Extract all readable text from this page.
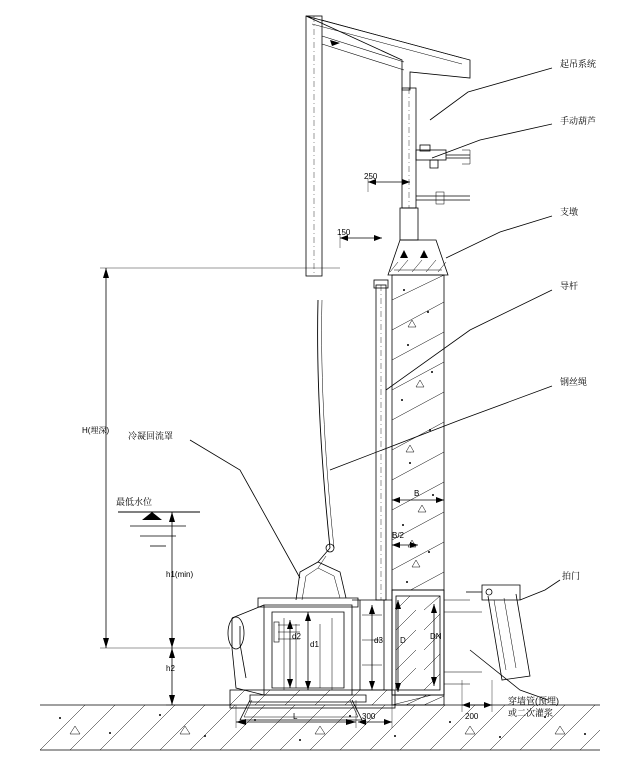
起吊系统
手动葫芦
支墩
导杆
钢丝绳
拍门
穿墙管(预埋)
或二次灌浆
冷凝回流罩
最低水位
250
150
300	200
B
B/2
L
H(埋深)
h1(min)
h2
d1
d2	d3 D	DN
